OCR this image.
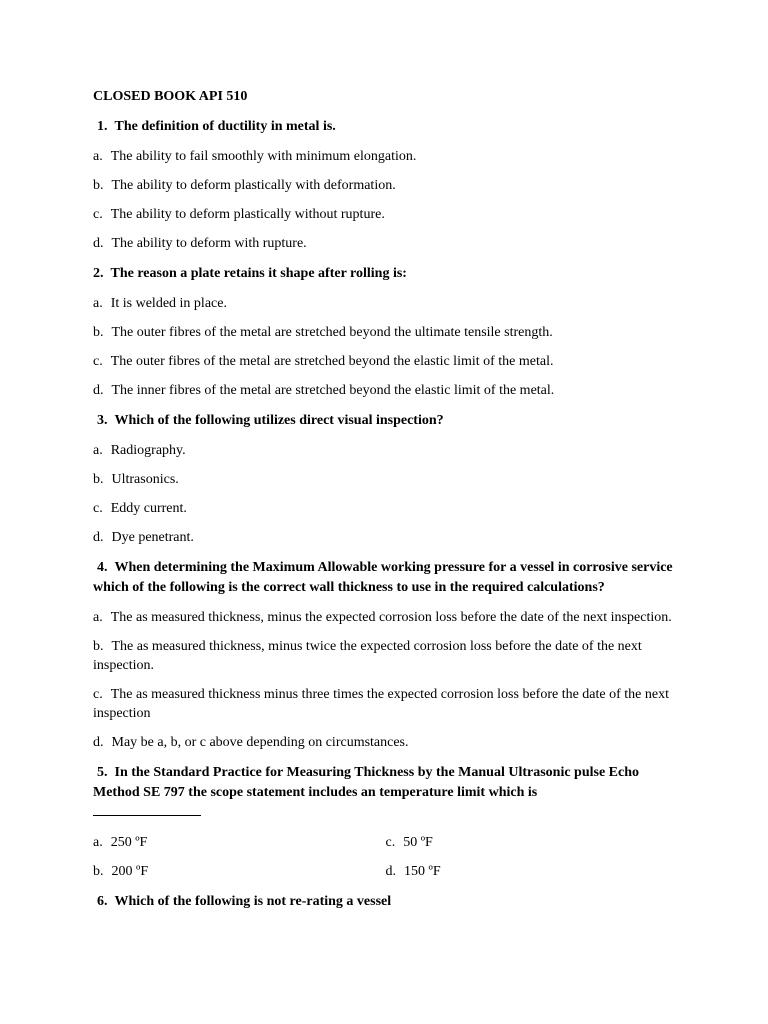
CLOSED BOOK API 510
1. The definition of ductility in metal is.
a. The ability to fail smoothly with minimum elongation.
b. The ability to deform plastically with deformation.
c. The ability to deform plastically without rupture.
d. The ability to deform with rupture.
2. The reason a plate retains it shape after rolling is:
a. It is welded in place.
b. The outer fibres of the metal are stretched beyond the ultimate tensile strength.
c. The outer fibres of the metal are stretched beyond the elastic limit of the metal.
d. The inner fibres of the metal are stretched beyond the elastic limit of the metal.
3. Which of the following utilizes direct visual inspection?
a. Radiography.
b. Ultrasonics.
c. Eddy current.
d. Dye penetrant.
4. When determining the Maximum Allowable working pressure for a vessel in corrosive service which of the following is the correct wall thickness to use in the required calculations?
a. The as measured thickness, minus the expected corrosion loss before the date of the next inspection.
b. The as measured thickness, minus twice the expected corrosion loss before the date of the next inspection.
c. The as measured thickness minus three times the expected corrosion loss before the date of the next inspection
d. May be a, b, or c above depending on circumstances.
5. In the Standard Practice for Measuring Thickness by the Manual Ultrasonic pulse Echo Method SE 797 the scope statement includes an temperature limit which is

a. 250 ºF	c. 50 ºF
b. 200 ºF	d. 150 ºF
6. Which of the following is not re-rating a vessel
